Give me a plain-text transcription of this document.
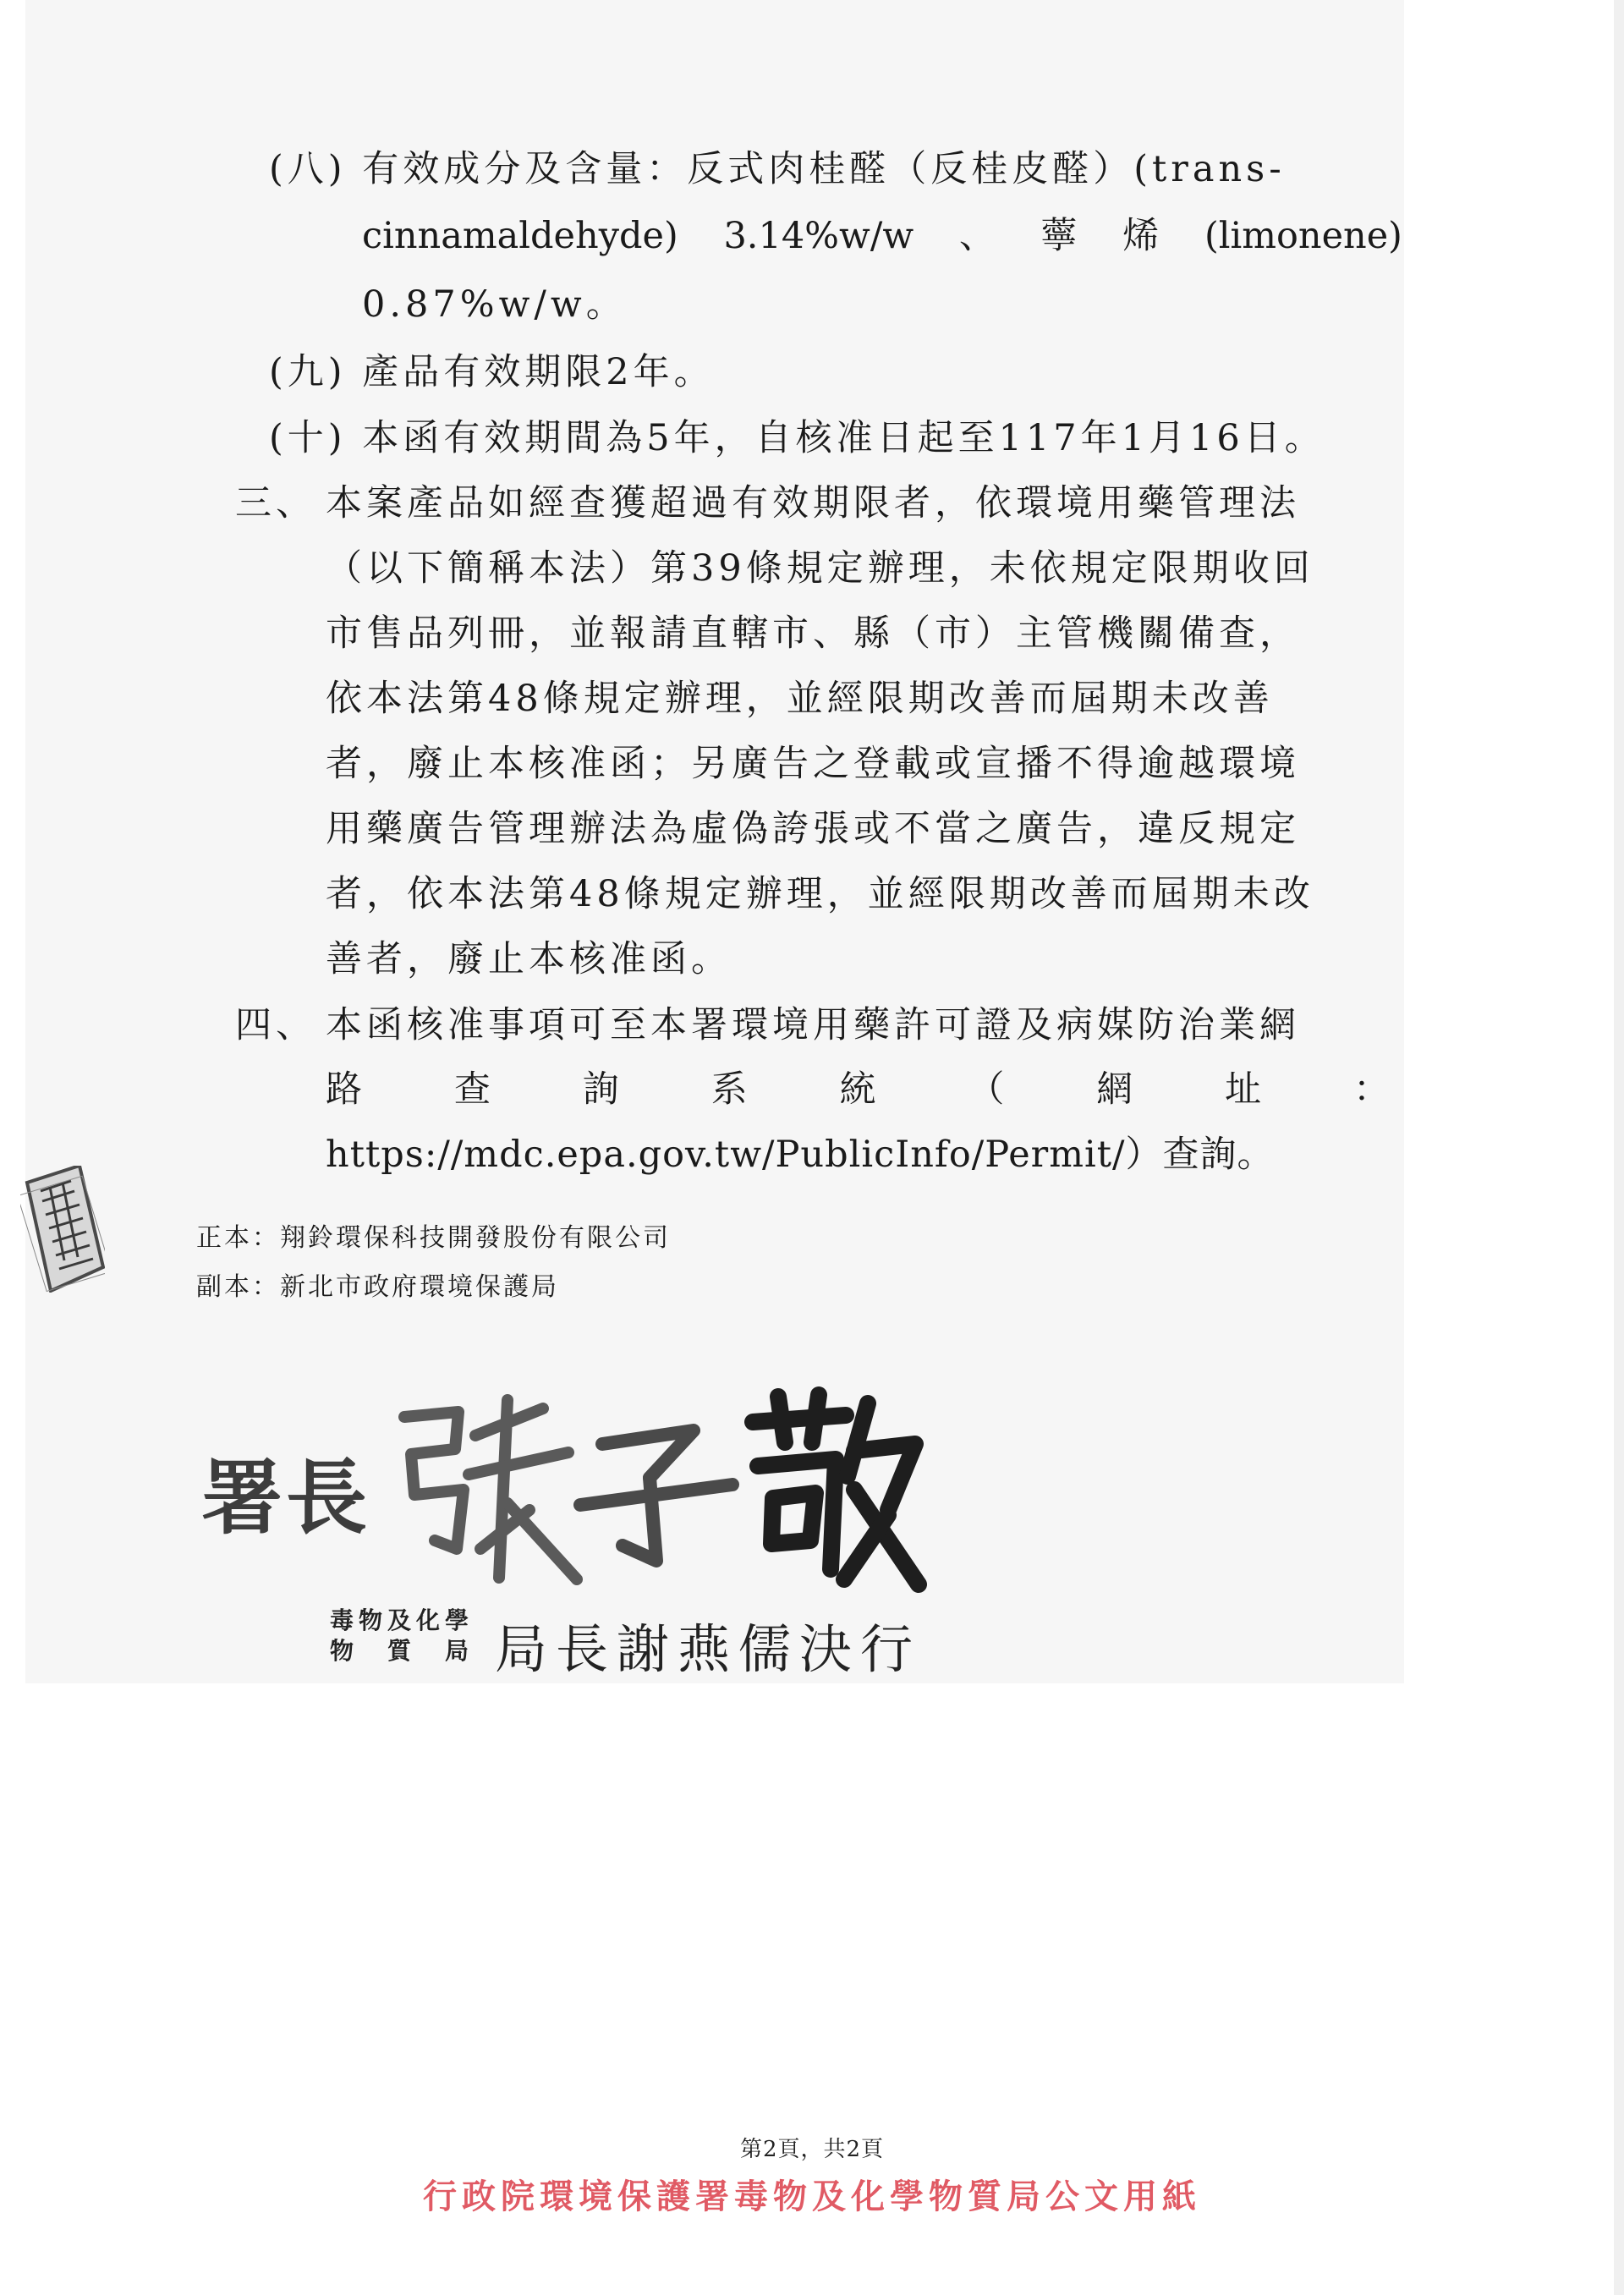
(八) 有效成分及含量：反式肉桂醛（反桂皮醛）(trans-
cinnamaldehyde) 3.14%w/w 、 薴 烯 (limonene)
0.87%w/w。
(九) 產品有效期限2年。
(十) 本函有效期間為5年，自核准日起至117年1月16日。
三、 本案產品如經查獲超過有效期限者，依環境用藥管理法
（以下簡稱本法）第39條規定辦理，未依規定限期收回
市售品列冊，並報請直轄市、縣（市）主管機關備查，
依本法第48條規定辦理，並經限期改善而屆期未改善
者，廢止本核准函；另廣告之登載或宣播不得逾越環境
用藥廣告管理辦法為虛偽誇張或不當之廣告，違反規定
者，依本法第48條規定辦理，並經限期改善而屆期未改
善者，廢止本核准函。
四、 本函核准事項可至本署環境用藥許可證及病媒防治業網
路	查	詢	系	統	（	網	址	：
https://mdc.epa.gov.tw/PublicInfo/Permit/）查詢。
正本：翔鈴環保科技開發股份有限公司
副本：新北市政府環境保護局
署長
毒物及化學
物 質 局 局長謝燕儒決行
第2頁，共2頁
行政院環境保護署毒物及化學物質局公文用紙
